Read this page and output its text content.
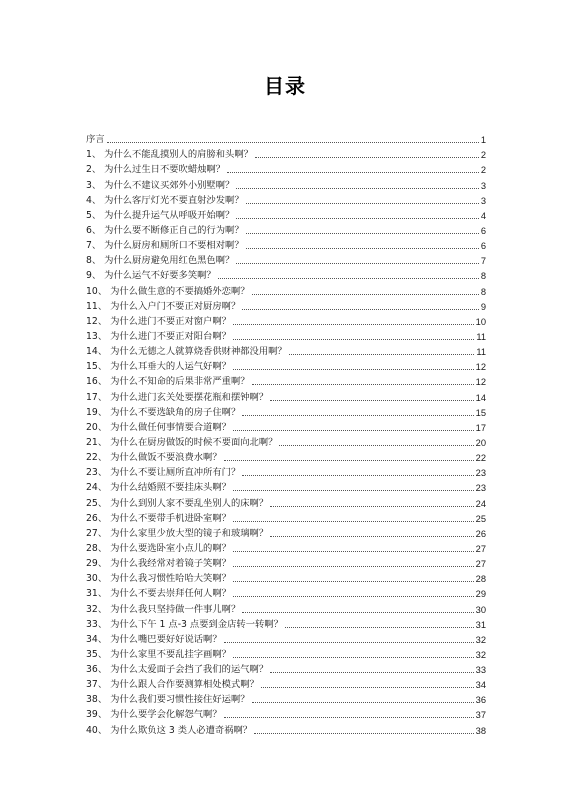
目录
序言	1
1、 为什么不能乱摸别人的肩膀和头啊？	2
2、 为什么过生日不要吹蜡烛啊？	2
3、 为什么不建议买郊外小别墅啊？	3
4、 为什么客厅灯光不要直射沙发啊？	3
5、 为什么提升运气从呼吸开始啊？	4
6、 为什么要不断修正自己的行为啊？	6
7、 为什么厨房和厕所口不要相对啊？	6
8、 为什么厨房避免用红色黑色啊？	7
9、 为什么运气不好要多笑啊？	8
10、 为什么做生意的不要搞婚外恋啊？	8
11、 为什么入户门不要正对厨房啊？	9
12、 为什么进门不要正对窗户啊？	10
13、 为什么进门不要正对阳台啊？	11
14、 为什么无德之人就算烧香供财神都没用啊？	11
15、 为什么耳垂大的人运气好啊？	12
16、 为什么不知命的后果非常严重啊？	12
17、 为什么进门玄关处要摆花瓶和摆钟啊？	14
19、 为什么不要选缺角的房子住啊？	15
20、 为什么做任何事情要合道啊？	17
21、 为什么在厨房做饭的时候不要面向北啊？	20
22、 为什么做饭不要浪费水啊？	22
23、 为什么不要让厕所直冲所有门？	23
24、 为什么结婚照不要挂床头啊？	23
25、 为什么到别人家不要乱坐别人的床啊？	24
26、 为什么不要带手机进卧室啊？	25
27、 为什么家里少放大型的镜子和玻璃啊？	26
28、 为什么要选卧室小点儿的啊？	27
29、 为什么我经常对着镜子笑啊？	27
30、 为什么我习惯性哈哈大笑啊？	28
31、 为什么不要去崇拜任何人啊？	29
32、 为什么我只坚持做一件事儿啊？	30
33、 为什么下午 1 点-3 点要到金店转一转啊？	31
34、 为什么嘴巴要好好说话啊？	32
35、 为什么家里不要乱挂字画啊？	32
36、 为什么太爱面子会挡了我们的运气啊？	33
37、 为什么跟人合作要测算相处模式啊？	34
38、 为什么我们要习惯性接住好运啊？	36
39、 为什么要学会化解怨气啊？	37
40、 为什么欺负这 3 类人必遭奇祸啊？	38
